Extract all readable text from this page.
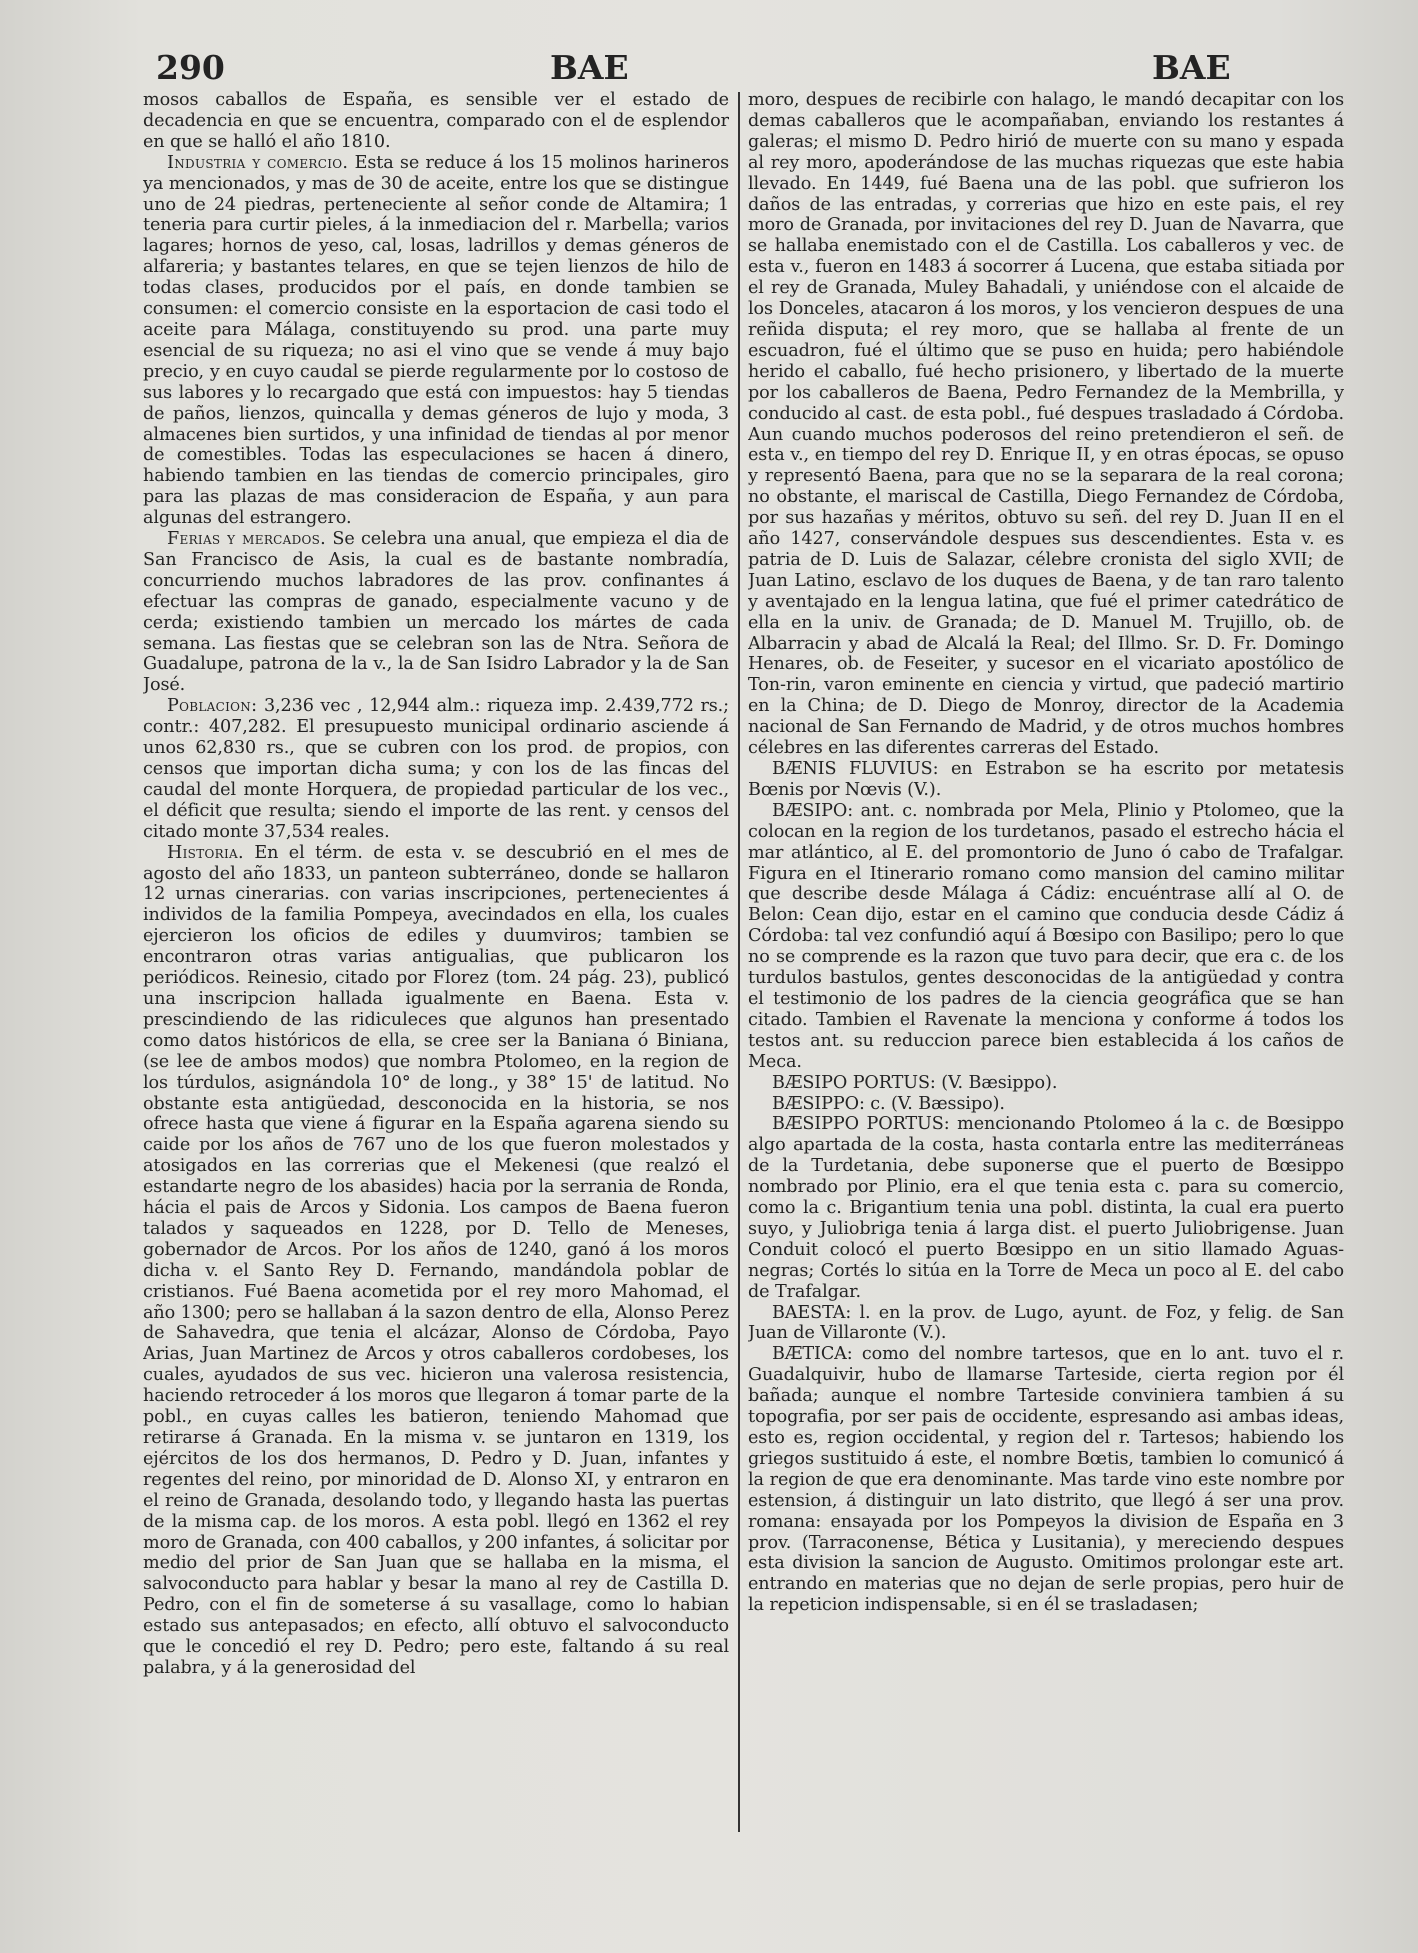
290	BAE	BAE

mosos caballos de España, es sensible ver el estado de decadencia en que se encuentra, comparado con el de esplendor en que se halló el año 1810.

Industria y comercio. Esta se reduce á los 15 molinos harineros ya mencionados, y mas de 30 de aceite, entre los que se distingue uno de 24 piedras, perteneciente al señor conde de Altamira; 1 teneria para curtir pieles, á la inmediacion del r. Marbella; varios lagares; hornos de yeso, cal, losas, ladrillos y demas géneros de alfareria; y bastantes telares, en que se tejen lienzos de hilo de todas clases, producidos por el país, en donde tambien se consumen: el comercio consiste en la esportacion de casi todo el aceite para Málaga, constituyendo su prod. una parte muy esencial de su riqueza; no asi el vino que se vende á muy bajo precio, y en cuyo caudal se pierde regularmente por lo costoso de sus labores y lo recargado que está con impuestos: hay 5 tiendas de paños, lienzos, quincalla y demas géneros de lujo y moda, 3 almacenes bien surtidos, y una infinidad de tiendas al por menor de comestibles. Todas las especulaciones se hacen á dinero, habiendo tambien en las tiendas de comercio principales, giro para las plazas de mas consideracion de España, y aun para algunas del estrangero.

Ferias y mercados. Se celebra una anual, que empieza el dia de San Francisco de Asis, la cual es de bastante nombradía, concurriendo muchos labradores de las prov. confinantes á efectuar las compras de ganado, especialmente vacuno y de cerda; existiendo tambien un mercado los mártes de cada semana. Las fiestas que se celebran son las de Ntra. Señora de Guadalupe, patrona de la v., la de San Isidro Labrador y la de San José.

Poblacion: 3,236 vec , 12,944 alm.: riqueza imp. 2.439,772 rs.; contr.: 407,282. El presupuesto municipal ordinario asciende á unos 62,830 rs., que se cubren con los prod. de propios, con censos que importan dicha suma; y con los de las fincas del caudal del monte Horquera, de propiedad particular de los vec., el déficit que resulta; siendo el importe de las rent. y censos del citado monte 37,534 reales.

Historia. En el térm. de esta v. se descubrió en el mes de agosto del año 1833, un panteon subterráneo, donde se hallaron 12 urnas cinerarias. con varias inscripciones, pertenecientes á individos de la familia Pompeya, avecindados en ella, los cuales ejercieron los oficios de ediles y duumviros; tambien se encontraron otras varias antigualias, que publicaron los periódicos. Reinesio, citado por Florez (tom. 24 pág. 23), publicó una inscripcion hallada igualmente en Baena. Esta v. prescindiendo de las ridiculeces que algunos han presentado como datos históricos de ella, se cree ser la Baniana ó Biniana, (se lee de ambos modos) que nombra Ptolomeo, en la region de los túrdulos, asignándola 10° de long., y 38° 15' de latitud. No obstante esta antigüedad, desconocida en la historia, se nos ofrece hasta que viene á figurar en la España agarena siendo su caide por los años de 767 uno de los que fueron molestados y atosigados en las correrias que el Mekenesi (que realzó el estandarte negro de los abasides) hacia por la serrania de Ronda, hácia el pais de Arcos y Sidonia. Los campos de Baena fueron talados y saqueados en 1228, por D. Tello de Meneses, gobernador de Arcos. Por los años de 1240, ganó á los moros dicha v. el Santo Rey D. Fernando, mandándola poblar de cristianos. Fué Baena acometida por el rey moro Mahomad, el año 1300; pero se hallaban á la sazon dentro de ella, Alonso Perez de Sahavedra, que tenia el alcázar, Alonso de Córdoba, Payo Arias, Juan Martinez de Arcos y otros caballeros cordobeses, los cuales, ayudados de sus vec. hicieron una valerosa resistencia, haciendo retroceder á los moros que llegaron á tomar parte de la pobl., en cuyas calles les batieron, teniendo Mahomad que retirarse á Granada. En la misma v. se juntaron en 1319, los ejércitos de los dos hermanos, D. Pedro y D. Juan, infantes y regentes del reino, por minoridad de D. Alonso XI, y entraron en el reino de Granada, desolando todo, y llegando hasta las puertas de la misma cap. de los moros. A esta pobl. llegó en 1362 el rey moro de Granada, con 400 caballos, y 200 infantes, á solicitar por medio del prior de San Juan que se hallaba en la misma, el salvoconducto para hablar y besar la mano al rey de Castilla D. Pedro, con el fin de someterse á su vasallage, como lo habian estado sus antepasados; en efecto, allí obtuvo el salvoconducto que le concedió el rey D. Pedro; pero este, faltando á su real palabra, y á la generosidad del

moro, despues de recibirle con halago, le mandó decapitar con los demas caballeros que le acompañaban, enviando los restantes á galeras; el mismo D. Pedro hirió de muerte con su mano y espada al rey moro, apoderándose de las muchas riquezas que este habia llevado. En 1449, fué Baena una de las pobl. que sufrieron los daños de las entradas, y correrias que hizo en este pais, el rey moro de Granada, por invitaciones del rey D. Juan de Navarra, que se hallaba enemistado con el de Castilla. Los caballeros y vec. de esta v., fueron en 1483 á socorrer á Lucena, que estaba sitiada por el rey de Granada, Muley Bahadali, y uniéndose con el alcaide de los Donceles, atacaron á los moros, y los vencieron despues de una reñida disputa; el rey moro, que se hallaba al frente de un escuadron, fué el último que se puso en huida; pero habiéndole herido el caballo, fué hecho prisionero, y libertado de la muerte por los caballeros de Baena, Pedro Fernandez de la Membrilla, y conducido al cast. de esta pobl., fué despues trasladado á Córdoba. Aun cuando muchos poderosos del reino pretendieron el señ. de esta v., en tiempo del rey D. Enrique II, y en otras épocas, se opuso y representó Baena, para que no se la separara de la real corona; no obstante, el mariscal de Castilla, Diego Fernandez de Córdoba, por sus hazañas y méritos, obtuvo su señ. del rey D. Juan II en el año 1427, conservándole despues sus descendientes. Esta v. es patria de D. Luis de Salazar, célebre cronista del siglo XVII; de Juan Latino, esclavo de los duques de Baena, y de tan raro talento y aventajado en la lengua latina, que fué el primer catedrático de ella en la univ. de Granada; de D. Manuel M. Trujillo, ob. de Albarracin y abad de Alcalá la Real; del Illmo. Sr. D. Fr. Domingo Henares, ob. de Feseiter, y sucesor en el vicariato apostólico de Ton-rin, varon eminente en ciencia y virtud, que padeció martirio en la China; de D. Diego de Monroy, director de la Academia nacional de San Fernando de Madrid, y de otros muchos hombres célebres en las diferentes carreras del Estado.

BÆNIS FLUVIUS: en Estrabon se ha escrito por metatesis Bœnis por Nœvis (V.).

BÆSIPO: ant. c. nombrada por Mela, Plinio y Ptolomeo, que la colocan en la region de los turdetanos, pasado el estrecho hácia el mar atlántico, al E. del promontorio de Juno ó cabo de Trafalgar. Figura en el Itinerario romano como mansion del camino militar que describe desde Málaga á Cádiz: encuéntrase allí al O. de Belon: Cean dijo, estar en el camino que conducia desde Cádiz á Córdoba: tal vez confundió aquí á Bœsipo con Basilipo; pero lo que no se comprende es la razon que tuvo para decir, que era c. de los turdulos bastulos, gentes desconocidas de la antigüedad y contra el testimonio de los padres de la ciencia geográfica que se han citado. Tambien el Ravenate la menciona y conforme á todos los testos ant. su reduccion parece bien establecida á los caños de Meca.

BÆSIPO PORTUS: (V. Bæsippo).

BÆSIPPO: c. (V. Bæssipo).

BÆSIPPO PORTUS: mencionando Ptolomeo á la c. de Bœsippo algo apartada de la costa, hasta contarla entre las mediterráneas de la Turdetania, debe suponerse que el puerto de Bœsippo nombrado por Plinio, era el que tenia esta c. para su comercio, como la c. Brigantium tenia una pobl. distinta, la cual era puerto suyo, y Juliobriga tenia á larga dist. el puerto Juliobrigense. Juan Conduit colocó el puerto Bœsippo en un sitio llamado Aguas-negras; Cortés lo sitúa en la Torre de Meca un poco al E. del cabo de Trafalgar.

BAESTA: l. en la prov. de Lugo, ayunt. de Foz, y felig. de San Juan de Villaronte (V.).

BÆTICA: como del nombre tartesos, que en lo ant. tuvo el r. Guadalquivir, hubo de llamarse Tarteside, cierta region por él bañada; aunque el nombre Tarteside conviniera tambien á su topografia, por ser pais de occidente, espresando asi ambas ideas, esto es, region occidental, y region del r. Tartesos; habiendo los griegos sustituido á este, el nombre Bœtis, tambien lo comunicó á la region de que era denominante. Mas tarde vino este nombre por estension, á distinguir un lato distrito, que llegó á ser una prov. romana: ensayada por los Pompeyos la division de España en 3 prov. (Tarraconense, Bética y Lusitania), y mereciendo despues esta division la sancion de Augusto. Omitimos prolongar este art. entrando en materias que no dejan de serle propias, pero huir de la repeticion indispensable, si en él se trasladasen;
